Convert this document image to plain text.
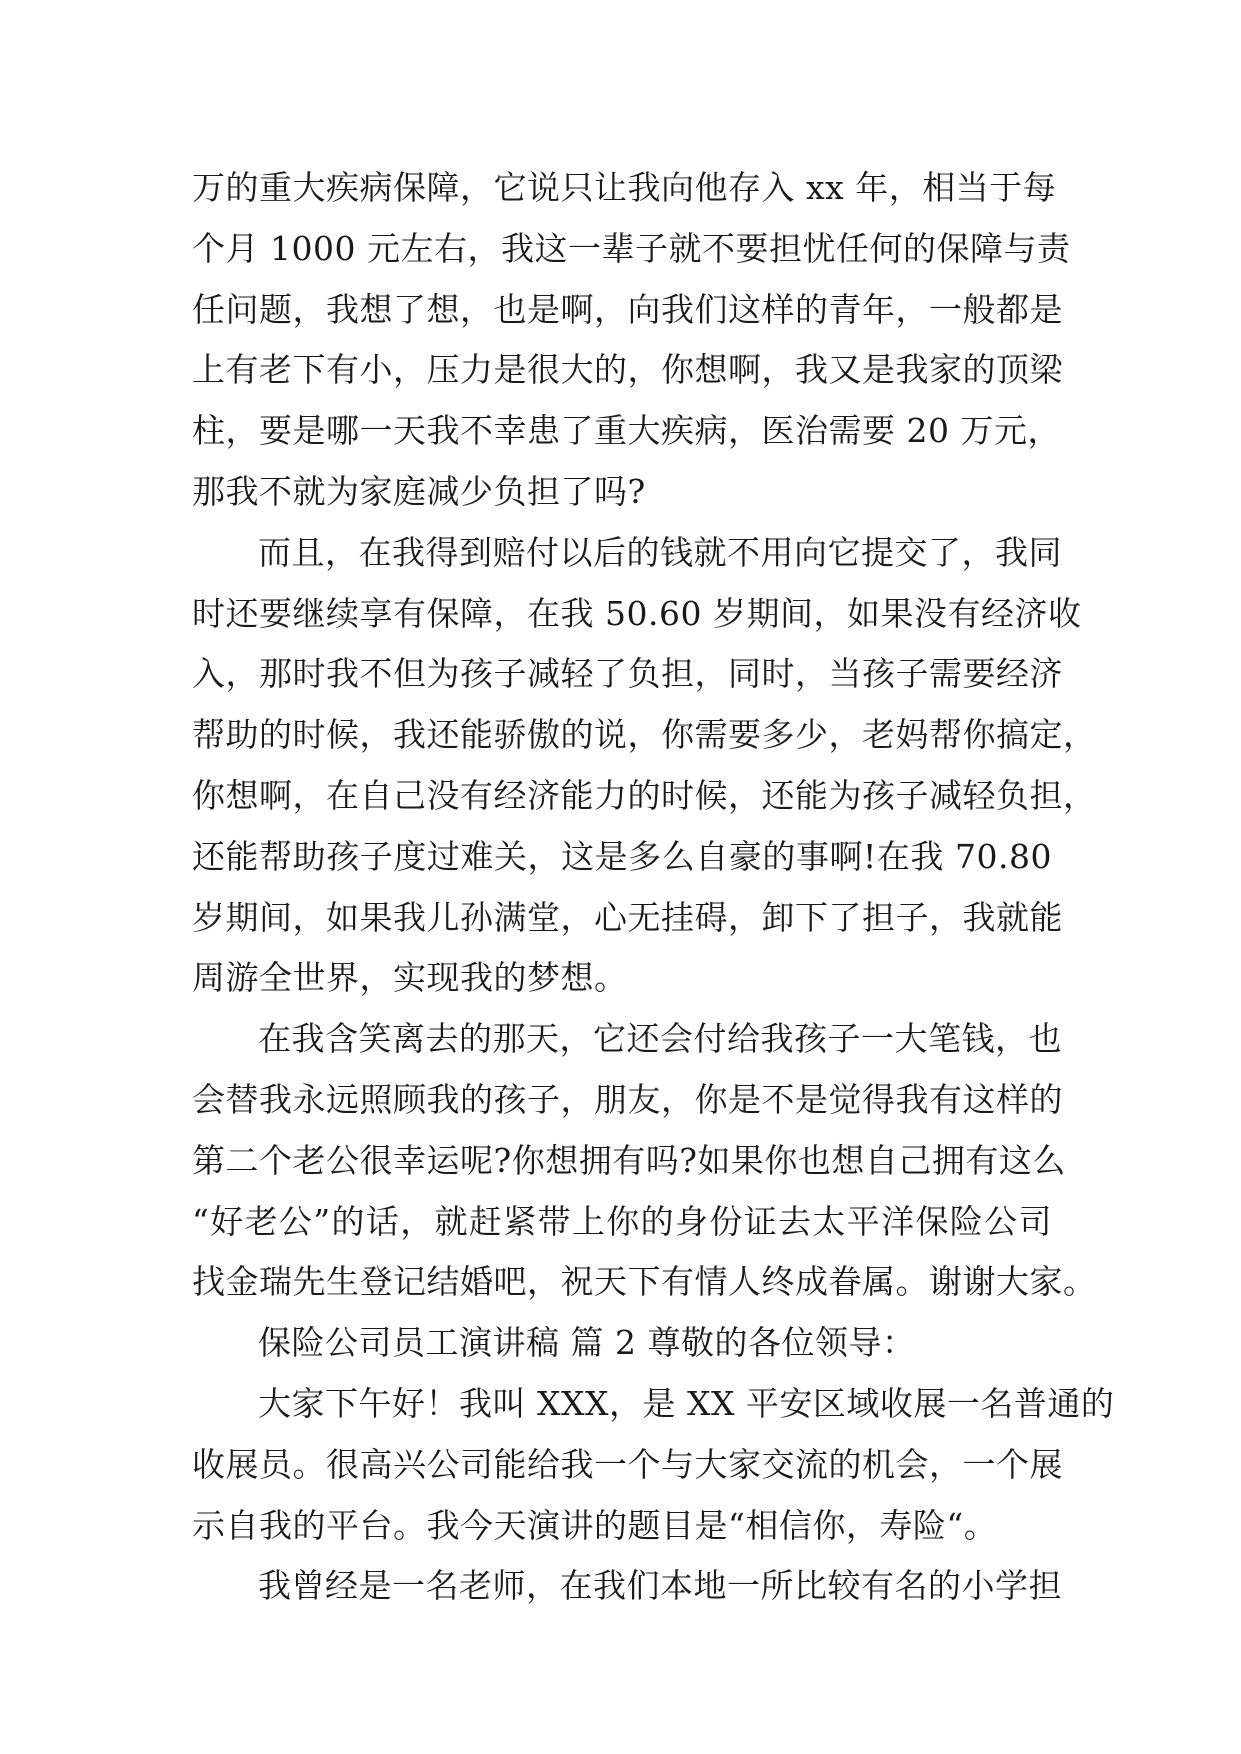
万的重大疾病保障，它说只让我向他存入 xx 年，相当于每
个月 1000 元左右，我这一辈子就不要担忧任何的保障与责
任问题，我想了想，也是啊，向我们这样的青年，一般都是
上有老下有小，压力是很大的，你想啊，我又是我家的顶梁
柱，要是哪一天我不幸患了重大疾病，医治需要 20 万元，
那我不就为家庭减少负担了吗?
而且，在我得到赔付以后的钱就不用向它提交了，我同
时还要继续享有保障，在我 50.60 岁期间，如果没有经济收
入，那时我不但为孩子减轻了负担，同时，当孩子需要经济
帮助的时候，我还能骄傲的说，你需要多少，老妈帮你搞定，
你想啊，在自己没有经济能力的时候，还能为孩子减轻负担，
还能帮助孩子度过难关，这是多么自豪的事啊!在我 70.80
岁期间，如果我儿孙满堂，心无挂碍，卸下了担子，我就能
周游全世界，实现我的梦想。
在我含笑离去的那天，它还会付给我孩子一大笔钱，也
会替我永远照顾我的孩子，朋友，你是不是觉得我有这样的
第二个老公很幸运呢?你想拥有吗?如果你也想自己拥有这么
“好老公”的话，就赶紧带上你的身份证去太平洋保险公司
找金瑞先生登记结婚吧，祝天下有情人终成眷属。谢谢大家。
保险公司员工演讲稿 篇 2 尊敬的各位领导：
大家下午好！我叫 XXX，是 XX 平安区域收展一名普通的
收展员。很高兴公司能给我一个与大家交流的机会，一个展
示自我的平台。我今天演讲的题目是“相信你，寿险“。
我曾经是一名老师，在我们本地一所比较有名的小学担
